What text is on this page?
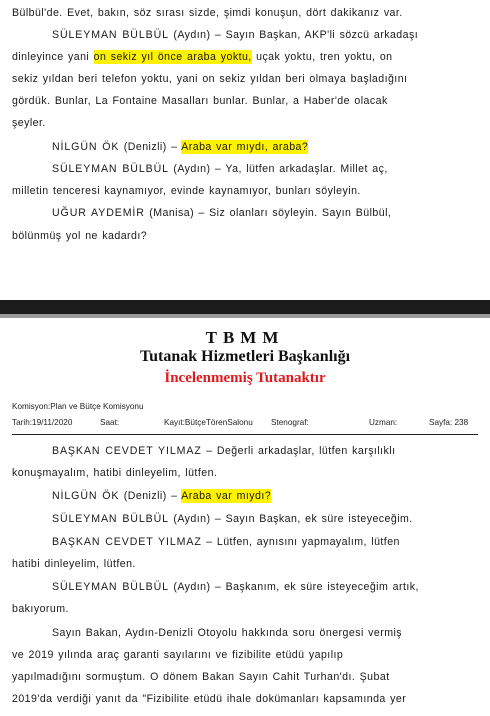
Bülbül'de. Evet, bakın, söz sırası sizde, şimdi konuşun, dört dakikanız var.
SÜLEYMAN BÜLBÜL (Aydın) – Sayın Başkan, AKP'li sözcü arkadaşı
dinleyince yani on sekiz yıl önce araba yoktu, uçak yoktu, tren yoktu, on
sekiz yıldan beri telefon yoktu, yani on sekiz yıldan beri olmaya başladığını
gördük. Bunlar, La Fontaine Masalları bunlar. Bunlar, a Haber'de olacak
şeyler.
NİLGÜN ÖK (Denizli) – Araba var mıydı, araba?
SÜLEYMAN BÜLBÜL (Aydın) – Ya, lütfen arkadaşlar. Millet aç,
milletin tenceresi kaynamıyor, evinde kaynamıyor, bunları söyleyin.
UĞUR AYDEMİR (Manisa) – Siz olanları söyleyin. Sayın Bülbül,
bölünmüş yol ne kadardı?
TBMM
Tutanak Hizmetleri Başkanlığı
İncelenmemiş Tutanaktır
Komisyon:Plan ve Bütçe Komisyonu
Tarih:19/11/2020	Saat:	Kayıt:BütçeTörenSalonu Stenograf:	Uzman:	Sayfa: 238
BAŞKAN CEVDET YILMAZ – Değerli arkadaşlar, lütfen karşılıklı
konuşmayalım, hatibi dinleyelim, lütfen.
NİLGÜN ÖK (Denizli) – Araba var mıydı?
SÜLEYMAN BÜLBÜL (Aydın) – Sayın Başkan, ek süre isteyeceğim.
BAŞKAN CEVDET YILMAZ – Lütfen, aynısını yapmayalım, lütfen
hatibi dinleyelim, lütfen.
SÜLEYMAN BÜLBÜL (Aydın) – Başkanım, ek süre isteyeceğim artık,
bakıyorum.
Sayın Bakan, Aydın-Denizli Otoyolu hakkında soru önergesi vermiş
ve 2019 yılında araç garanti sayılarını ve fizibilite etüdü yapılıp
yapılmadığını sormuştum. O dönem Bakan Sayın Cahit Turhan'dı. Şubat
2019'da verdiği yanıt da "Fizibilite etüdü ihale dokümanları kapsamında yer
